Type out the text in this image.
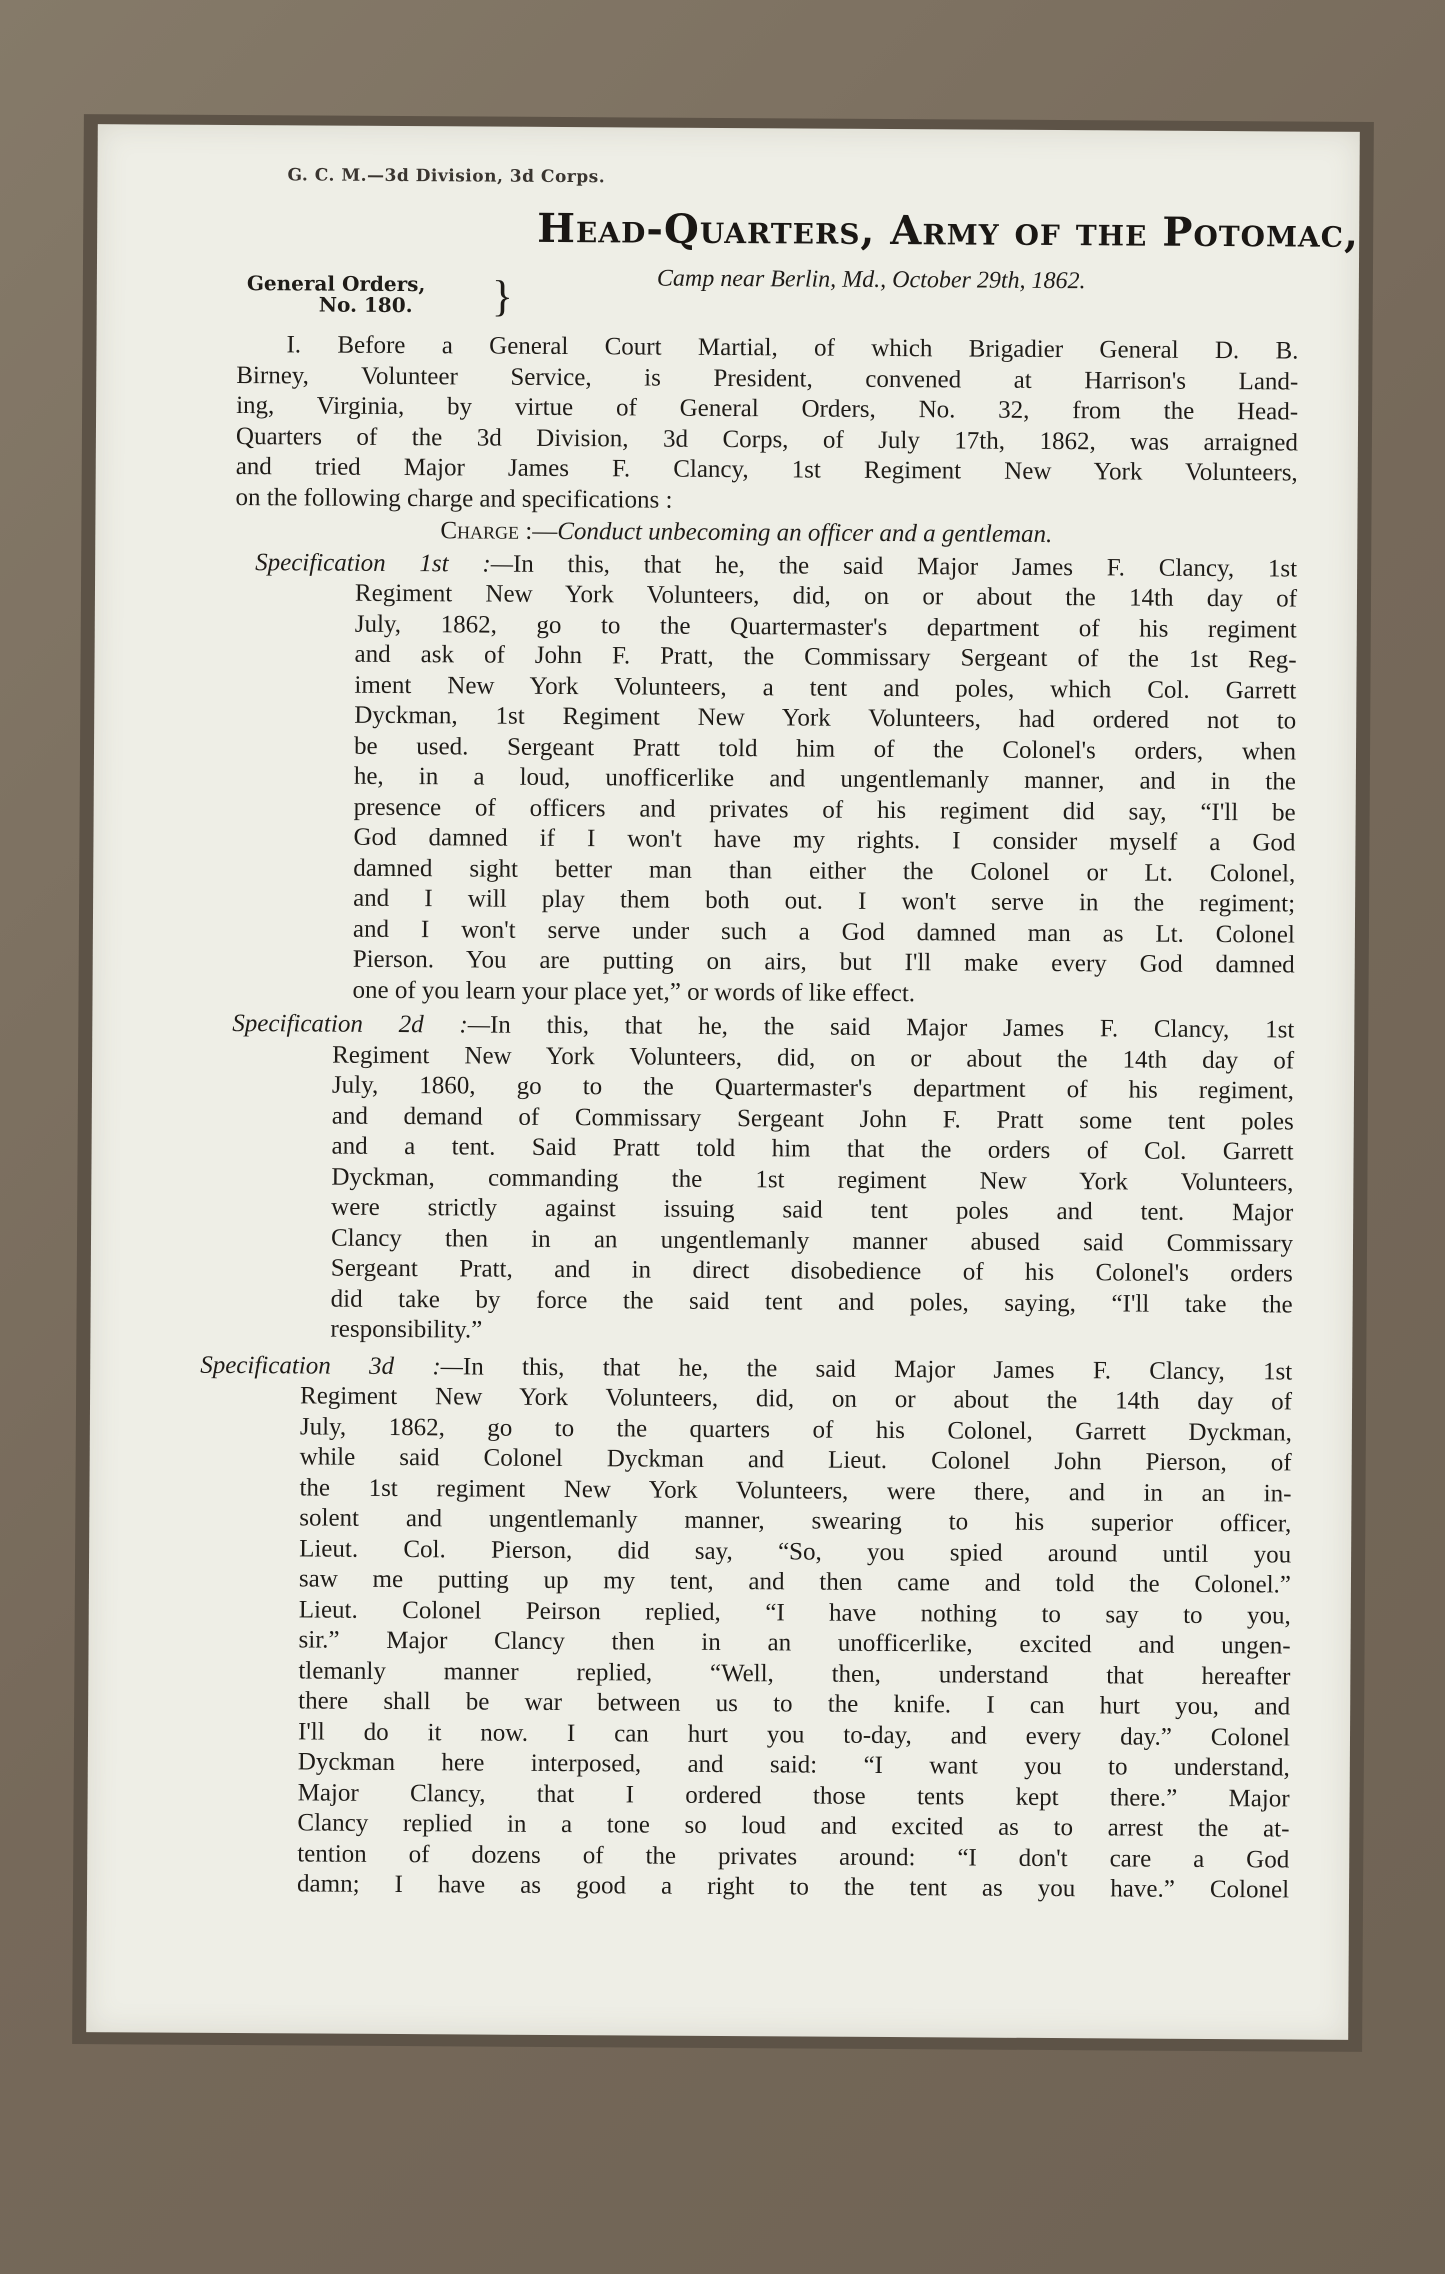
G. C. M.—3d Division, 3d Corps.
Head-Quarters, Army of the Potomac,
Camp near Berlin, Md., October 29th, 1862.
General Orders,
No. 180. }
I. Before a General Court Martial, of which Brigadier General D. B.
Birney, Volunteer Service, is President, convened at Harrison's Land-
ing, Virginia, by virtue of General Orders, No. 32, from the Head-
Quarters of the 3d Division, 3d Corps, of July 17th, 1862, was arraigned
and tried Major James F. Clancy, 1st Regiment New York Volunteers,
on the following charge and specifications :
Charge :—Conduct unbecoming an officer and a gentleman.
Specification 1st :—In this, that he, the said Major James F. Clancy, 1st
Regiment New York Volunteers, did, on or about the 14th day of
July, 1862, go to the Quartermaster's department of his regiment
and ask of John F. Pratt, the Commissary Sergeant of the 1st Reg-
iment New York Volunteers, a tent and poles, which Col. Garrett
Dyckman, 1st Regiment New York Volunteers, had ordered not to
be used. Sergeant Pratt told him of the Colonel's orders, when
he, in a loud, unofficerlike and ungentlemanly manner, and in the
presence of officers and privates of his regiment did say, “I'll be
God damned if I won't have my rights. I consider myself a God
damned sight better man than either the Colonel or Lt. Colonel,
and I will play them both out. I won't serve in the regiment;
and I won't serve under such a God damned man as Lt. Colonel
Pierson. You are putting on airs, but I'll make every God damned
one of you learn your place yet,” or words of like effect.
Specification 2d :—In this, that he, the said Major James F. Clancy, 1st
Regiment New York Volunteers, did, on or about the 14th day of
July, 1860, go to the Quartermaster's department of his regiment,
and demand of Commissary Sergeant John F. Pratt some tent poles
and a tent. Said Pratt told him that the orders of Col. Garrett
Dyckman, commanding the 1st regiment New York Volunteers,
were strictly against issuing said tent poles and tent. Major
Clancy then in an ungentlemanly manner abused said Commissary
Sergeant Pratt, and in direct disobedience of his Colonel's orders
did take by force the said tent and poles, saying, “I'll take the
responsibility.”
Specification 3d :—In this, that he, the said Major James F. Clancy, 1st
Regiment New York Volunteers, did, on or about the 14th day of
July, 1862, go to the quarters of his Colonel, Garrett Dyckman,
while said Colonel Dyckman and Lieut. Colonel John Pierson, of
the 1st regiment New York Volunteers, were there, and in an in-
solent and ungentlemanly manner, swearing to his superior officer,
Lieut. Col. Pierson, did say, “So, you spied around until you
saw me putting up my tent, and then came and told the Colonel.”
Lieut. Colonel Peirson replied, “I have nothing to say to you,
sir.” Major Clancy then in an unofficerlike, excited and ungen-
tlemanly manner replied, “Well, then, understand that hereafter
there shall be war between us to the knife. I can hurt you, and
I'll do it now. I can hurt you to-day, and every day.” Colonel
Dyckman here interposed, and said: “I want you to understand,
Major Clancy, that I ordered those tents kept there.” Major
Clancy replied in a tone so loud and excited as to arrest the at-
tention of dozens of the privates around: “I don't care a God
damn; I have as good a right to the tent as you have.” Colonel
